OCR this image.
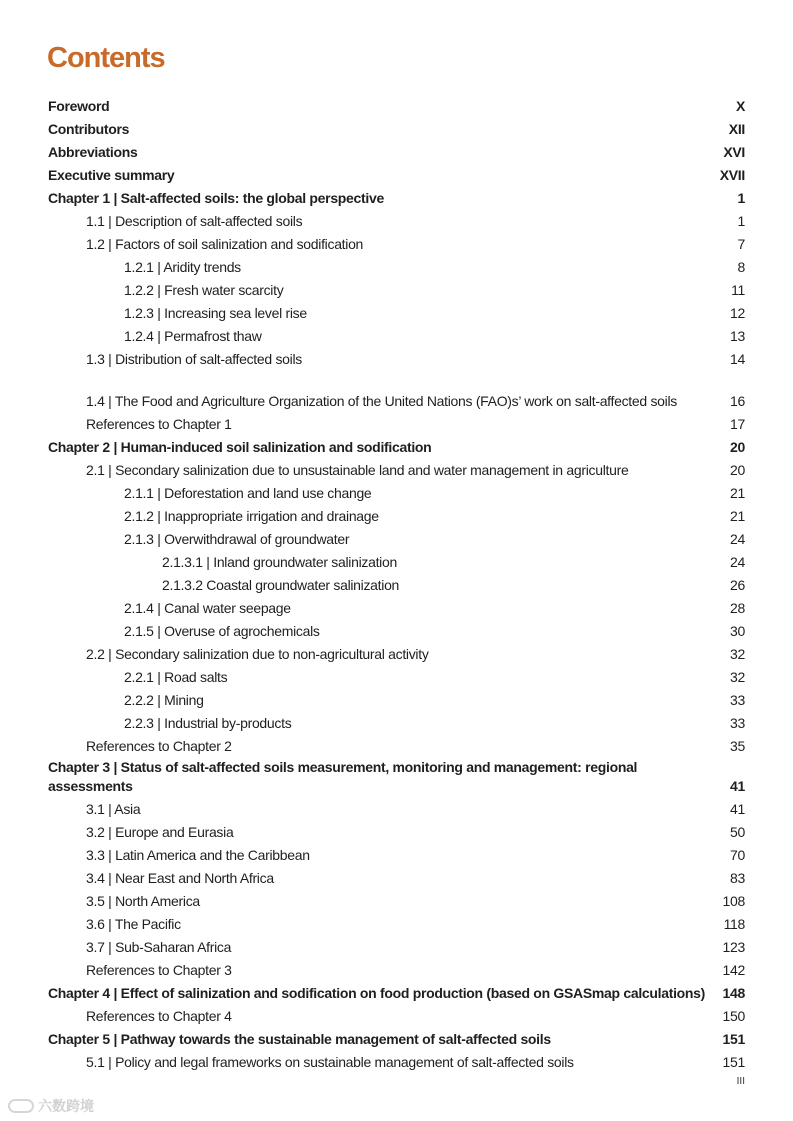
Contents
Foreword	X
Contributors	XII
Abbreviations	XVI
Executive summary	XVII
Chapter 1 | Salt-affected soils: the global perspective	1
1.1 | Description of salt-affected soils	1
1.2 | Factors of soil salinization and sodification	7
1.2.1 | Aridity trends	8
1.2.2 | Fresh water scarcity	11
1.2.3 | Increasing sea level rise	12
1.2.4 | Permafrost thaw	13
1.3 | Distribution of salt-affected soils	14
1.4 | The Food and Agriculture Organization of the United Nations (FAO)s’ work on salt-affected soils	16
References to Chapter 1	17
Chapter 2 | Human-induced soil salinization and sodification	20
2.1 | Secondary salinization due to unsustainable land and water management in agriculture	20
2.1.1 | Deforestation and land use change	21
2.1.2 | Inappropriate irrigation and drainage	21
2.1.3 | Overwithdrawal of groundwater	24
2.1.3.1 | Inland groundwater salinization	24
2.1.3.2 Coastal groundwater salinization	26
2.1.4 | Canal water seepage	28
2.1.5 | Overuse of agrochemicals	30
2.2 | Secondary salinization due to non-agricultural activity	32
2.2.1 | Road salts	32
2.2.2 | Mining	33
2.2.3 | Industrial by-products	33
References to Chapter 2	35
Chapter 3 | Status of salt-affected soils measurement, monitoring and management: regional assessments	41
3.1 | Asia	41
3.2 | Europe and Eurasia	50
3.3 | Latin America and the Caribbean	70
3.4 | Near East and North Africa	83
3.5 | North America	108
3.6 | The Pacific	118
3.7 | Sub-Saharan Africa	123
References to Chapter 3	142
Chapter 4 | Effect of salinization and sodification on food production (based on GSASmap calculations)	148
References to Chapter 4	150
Chapter 5 | Pathway towards the sustainable management of salt-affected soils	151
5.1 | Policy and legal frameworks on sustainable management of salt-affected soils	151
III
六数跨境
